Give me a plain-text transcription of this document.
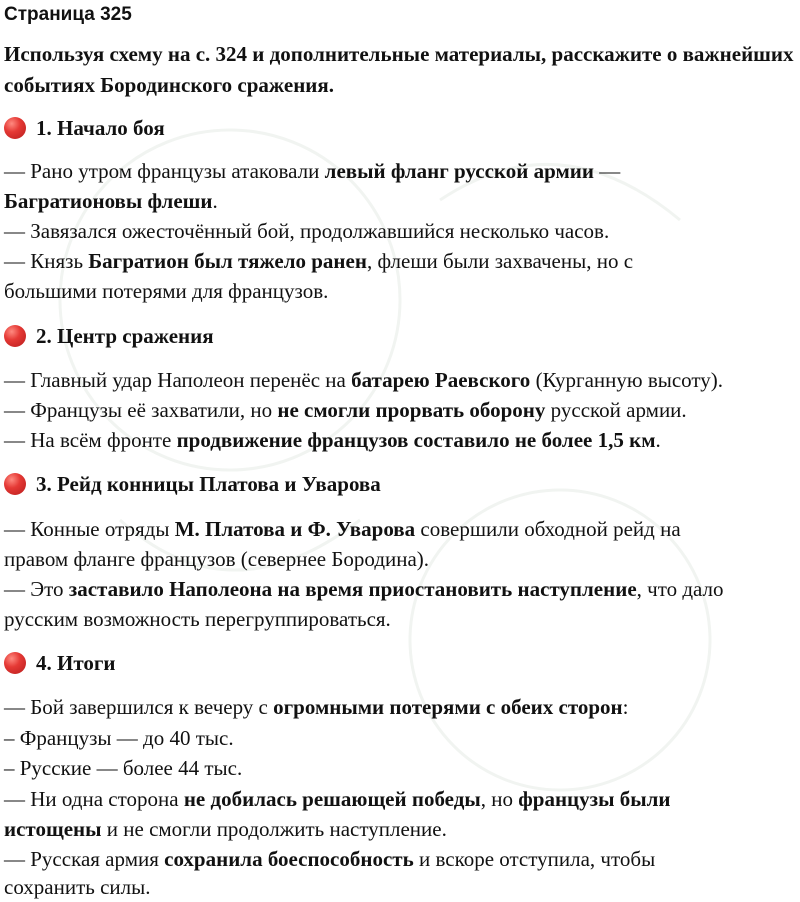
Страница 325
Используя схему на с. 324 и дополнительные материалы, расскажите о важнейших событиях Бородинского сражения.
1. Начало боя
— Рано утром французы атаковали левый фланг русской армии —
Багратионовы флеши.
— Завязался ожесточённый бой, продолжавшийся несколько часов.
— Князь Багратион был тяжело ранен, флеши были захвачены, но с
большими потерями для французов.
2. Центр сражения
— Главный удар Наполеон перенёс на батарею Раевского (Курганную высоту).
— Французы её захватили, но не смогли прорвать оборону русской армии.
— На всём фронте продвижение французов составило не более 1,5 км.
3. Рейд конницы Платова и Уварова
— Конные отряды М. Платова и Ф. Уварова совершили обходной рейд на
правом фланге французов (севернее Бородина).
— Это заставило Наполеона на время приостановить наступление, что дало
русским возможность перегруппироваться.
4. Итоги
— Бой завершился к вечеру с огромными потерями с обеих сторон:
– Французы — до 40 тыс.
– Русские — более 44 тыс.
— Ни одна сторона не добилась решающей победы, но французы были
истощены и не смогли продолжить наступление.
— Русская армия сохранила боеспособность и вскоре отступила, чтобы
сохранить силы.
